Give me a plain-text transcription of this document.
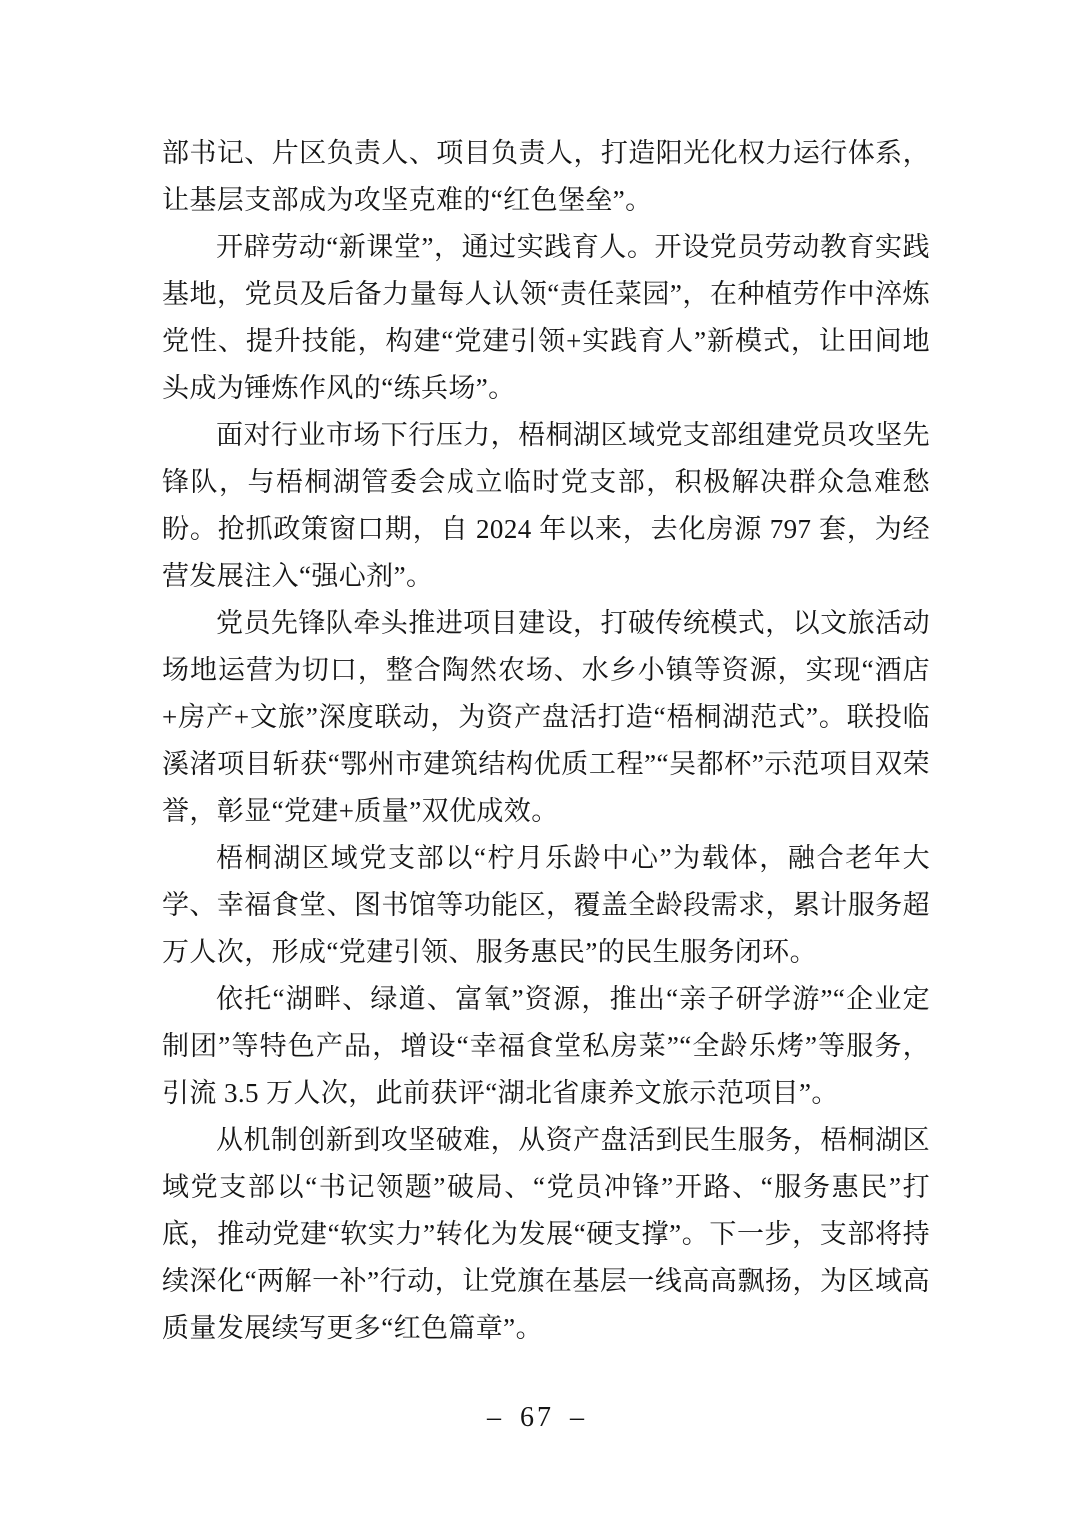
部书记、片区负责人、项目负责人，打造阳光化权力运行体系，让基层支部成为攻坚克难的“红色堡垒”。

开辟劳动“新课堂”，通过实践育人。开设党员劳动教育实践基地，党员及后备力量每人认领“责任菜园”，在种植劳作中淬炼党性、提升技能，构建“党建引领+实践育人”新模式，让田间地头成为锤炼作风的“练兵场”。

面对行业市场下行压力，梧桐湖区域党支部组建党员攻坚先锋队，与梧桐湖管委会成立临时党支部，积极解决群众急难愁盼。抢抓政策窗口期，自 2024 年以来，去化房源 797 套，为经营发展注入“强心剂”。

党员先锋队牵头推进项目建设，打破传统模式，以文旅活动场地运营为切口，整合陶然农场、水乡小镇等资源，实现“酒店+房产+文旅”深度联动，为资产盘活打造“梧桐湖范式”。联投临溪渚项目斩获“鄂州市建筑结构优质工程”“吴都杯”示范项目双荣誉，彰显“党建+质量”双优成效。

梧桐湖区域党支部以“柠月乐龄中心”为载体，融合老年大学、幸福食堂、图书馆等功能区，覆盖全龄段需求，累计服务超万人次，形成“党建引领、服务惠民”的民生服务闭环。

依托“湖畔、绿道、富氧”资源，推出“亲子研学游”“企业定制团”等特色产品，增设“幸福食堂私房菜”“全龄乐烤”等服务，引流 3.5 万人次，此前获评“湖北省康养文旅示范项目”。

从机制创新到攻坚破难，从资产盘活到民生服务，梧桐湖区域党支部以“书记领题”破局、“党员冲锋”开路、“服务惠民”打底，推动党建“软实力”转化为发展“硬支撑”。下一步，支部将持续深化“两解一补”行动，让党旗在基层一线高高飘扬，为区域高质量发展续写更多“红色篇章”。

– 67 –
